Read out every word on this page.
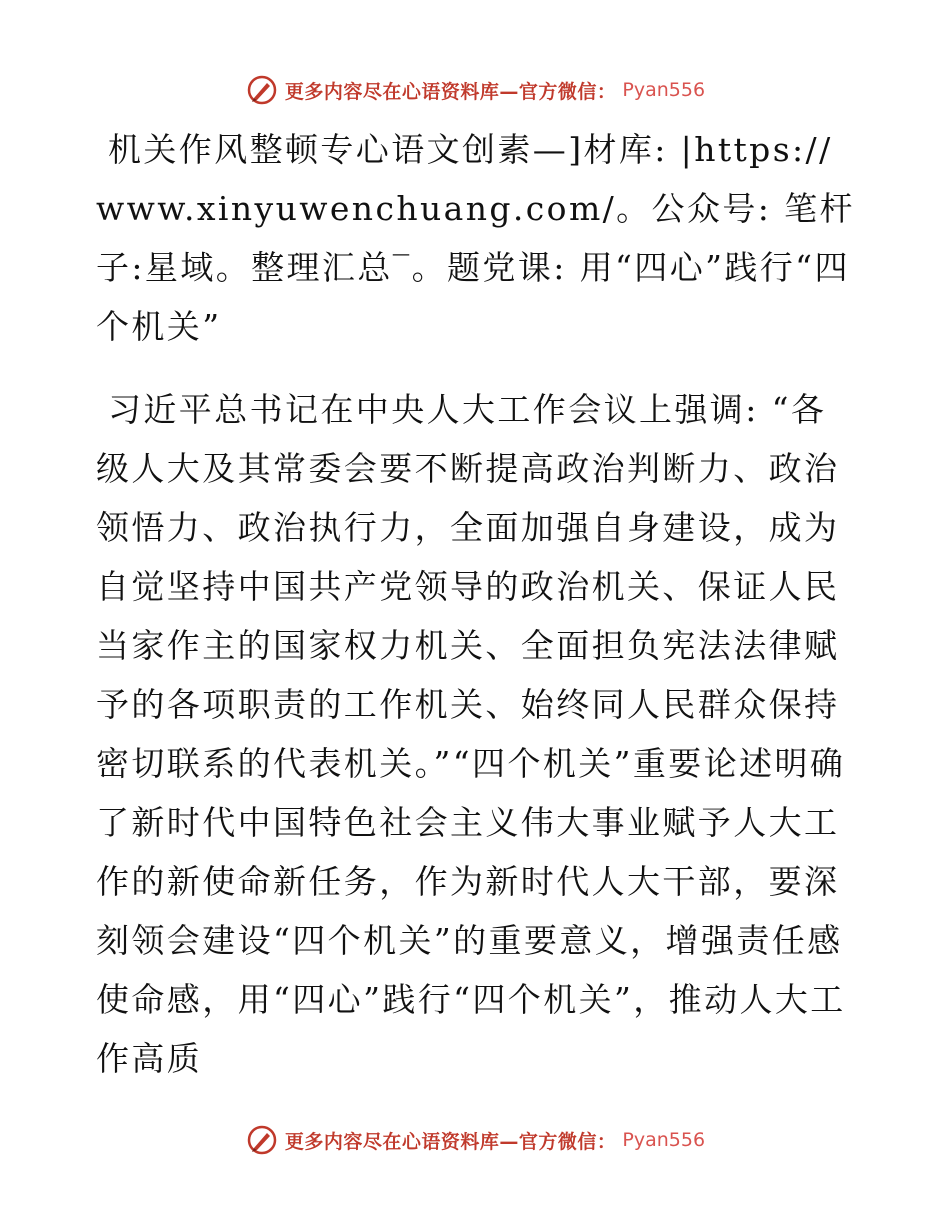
更多内容尽在心语资料库—官方微信： Pyan556

机关作风整顿专心语文创素—]材库: |https://www.xinyuwenchuang.com/。公众号: 笔杆子:星域。整理汇总‾。题党课: 用“四心”践行“四个机关”

习近平总书记在中央人大工作会议上强调: “各级人大及其常委会要不断提高政治判断力、政治领悟力、政治执行力，全面加强自身建设，成为自觉坚持中国共产党领导的政治机关、保证人民当家作主的国家权力机关、全面担负宪法法律赋予的各项职责的工作机关、始终同人民群众保持密切联系的代表机关。”“四个机关”重要论述明确了新时代中国特色社会主义伟大事业赋予人大工作的新使命新任务，作为新时代人大干部，要深刻领会建设“四个机关”的重要意义，增强责任感使命感，用“四心”践行“四个机关”，推动人大工作高质

更多内容尽在心语资料库—官方微信： Pyan556
